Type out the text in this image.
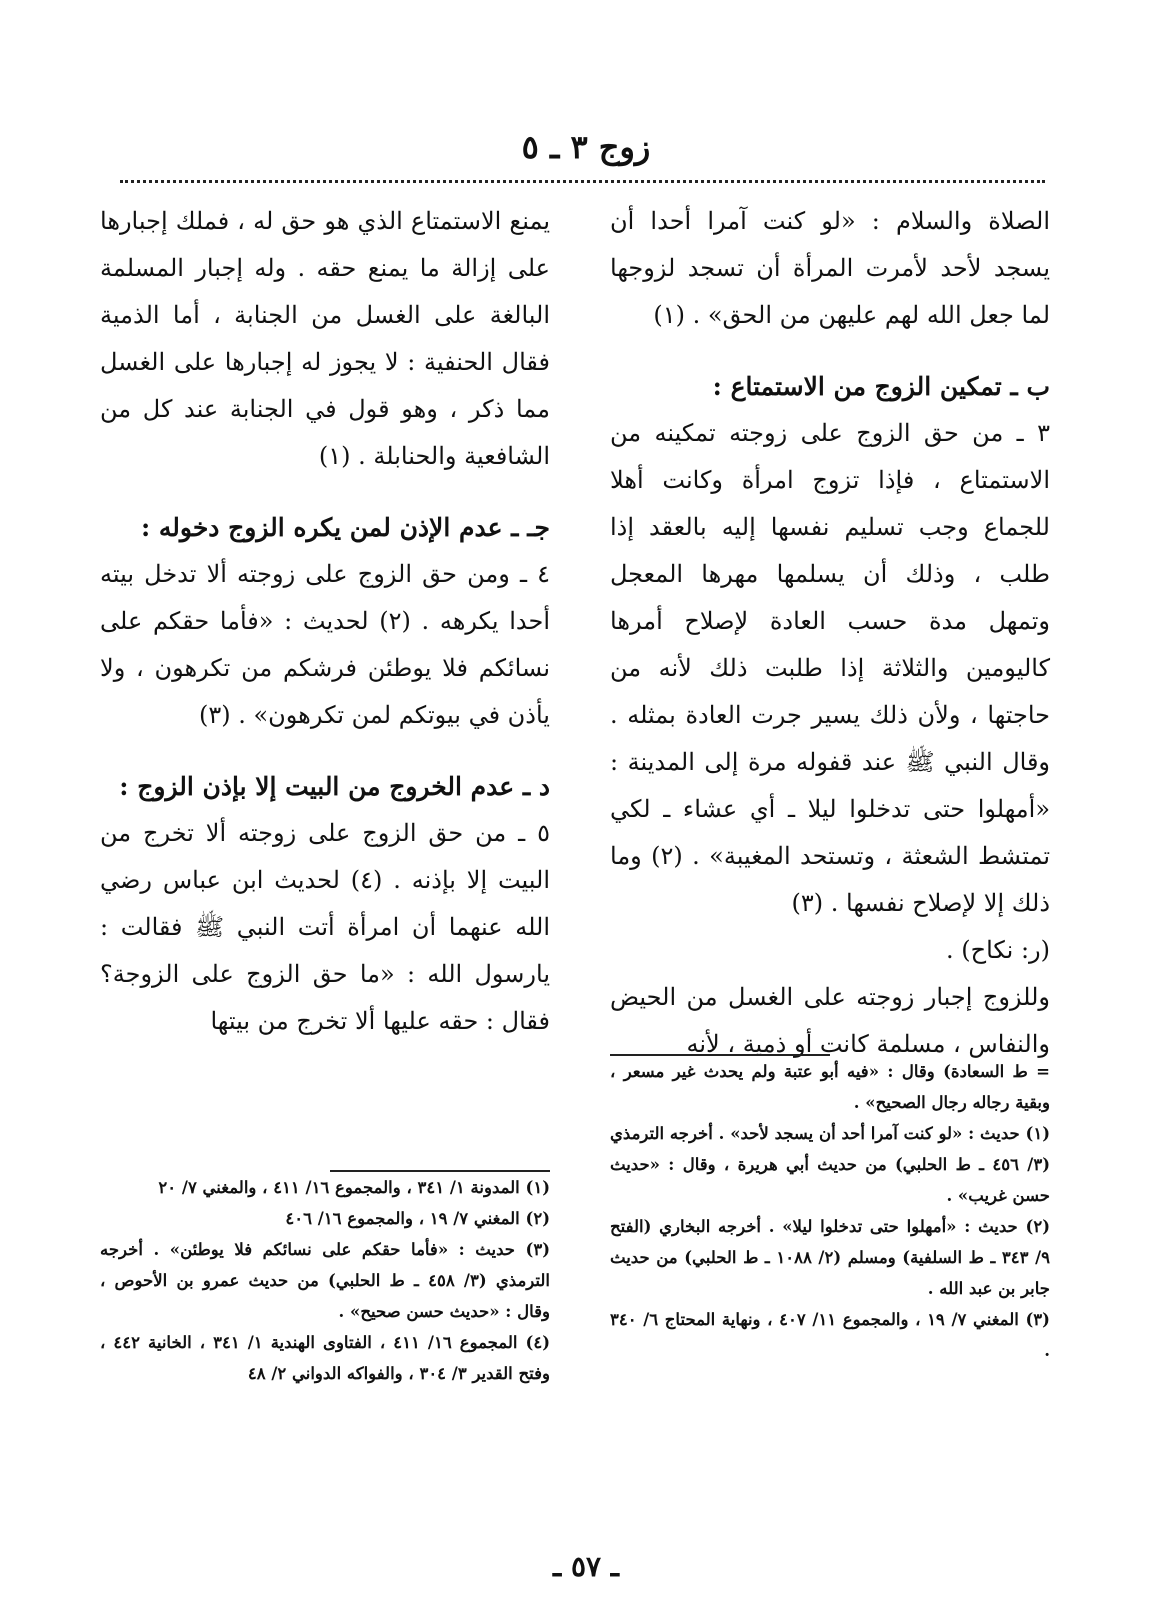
زوج ٣ ـ ٥

الصلاة والسلام : «لو كنت آمرا أحدا أن يسجد لأحد لأمرت المرأة أن تسجد لزوجها لما جعل الله لهم عليهن من الحق» . (١)

ب ـ تمكين الزوج من الاستمتاع :

٣ ـ من حق الزوج على زوجته تمكينه من الاستمتاع ، فإذا تزوج امرأة وكانت أهلا للجماع وجب تسليم نفسها إليه بالعقد إذا طلب ، وذلك أن يسلمها مهرها المعجل وتمهل مدة حسب العادة لإصلاح أمرها كاليومين والثلاثة إذا طلبت ذلك لأنه من حاجتها ، ولأن ذلك يسير جرت العادة بمثله . وقال النبي ﷺ عند قفوله مرة إلى المدينة : «أمهلوا حتى تدخلوا ليلا ـ أي عشاء ـ لكي تمتشط الشعثة ، وتستحد المغيبة» . (٢) وما ذلك إلا لإصلاح نفسها . (٣)

(ر: نكاح) .

وللزوج إجبار زوجته على الغسل من الحيض والنفاس ، مسلمة كانت أو ذمية ، لأنه

يمنع الاستمتاع الذي هو حق له ، فملك إجبارها على إزالة ما يمنع حقه . وله إجبار المسلمة البالغة على الغسل من الجنابة ، أما الذمية فقال الحنفية : لا يجوز له إجبارها على الغسل مما ذكر ، وهو قول في الجنابة عند كل من الشافعية والحنابلة . (١)

جـ ـ عدم الإذن لمن يكره الزوج دخوله :

٤ ـ ومن حق الزوج على زوجته ألا تدخل بيته أحدا يكرهه . (٢) لحديث : «فأما حقكم على نسائكم فلا يوطئن فرشكم من تكرهون ، ولا يأذن في بيوتكم لمن تكرهون» . (٣)

د ـ عدم الخروج من البيت إلا بإذن الزوج :

٥ ـ من حق الزوج على زوجته ألا تخرج من البيت إلا بإذنه . (٤) لحديث ابن عباس رضي الله عنهما أن امرأة أتت النبي ﷺ فقالت : يارسول الله : «ما حق الزوج على الزوجة؟ فقال : حقه عليها ألا تخرج من بيتها

= ط السعادة) وقال : «فيه أبو عتبة ولم يحدث غير مسعر ، وبقية رجاله رجال الصحيح» .

(١) حديث : «لو كنت آمرا أحد أن يسجد لأحد» . أخرجه الترمذي (٣/ ٤٥٦ ـ ط الحلبي) من حديث أبي هريرة ، وقال : «حديث حسن غريب» .

(٢) حديث : «أمهلوا حتى تدخلوا ليلا» . أخرجه البخاري (الفتح ٩/ ٣٤٣ ـ ط السلفية) ومسلم (٢/ ١٠٨٨ ـ ط الحلبي) من حديث جابر بن عبد الله .

(٣) المغني ٧/ ١٩ ، والمجموع ١١/ ٤٠٧ ، ونهاية المحتاج ٦/ ٣٤٠ .

(١) المدونة ١/ ٣٤١ ، والمجموع ١٦/ ٤١١ ، والمغني ٧/ ٢٠

(٢) المغني ٧/ ١٩ ، والمجموع ١٦/ ٤٠٦

(٣) حديث : «فأما حقكم على نسائكم فلا يوطئن» . أخرجه الترمذي (٣/ ٤٥٨ ـ ط الحلبي) من حديث عمرو بن الأحوص ، وقال : «حديث حسن صحيح» .

(٤) المجموع ١٦/ ٤١١ ، الفتاوى الهندية ١/ ٣٤١ ، الخانية ٤٤٢ ، وفتح القدير ٣/ ٣٠٤ ، والفواكه الدواني ٢/ ٤٨

ـ ٥٧ ـ
